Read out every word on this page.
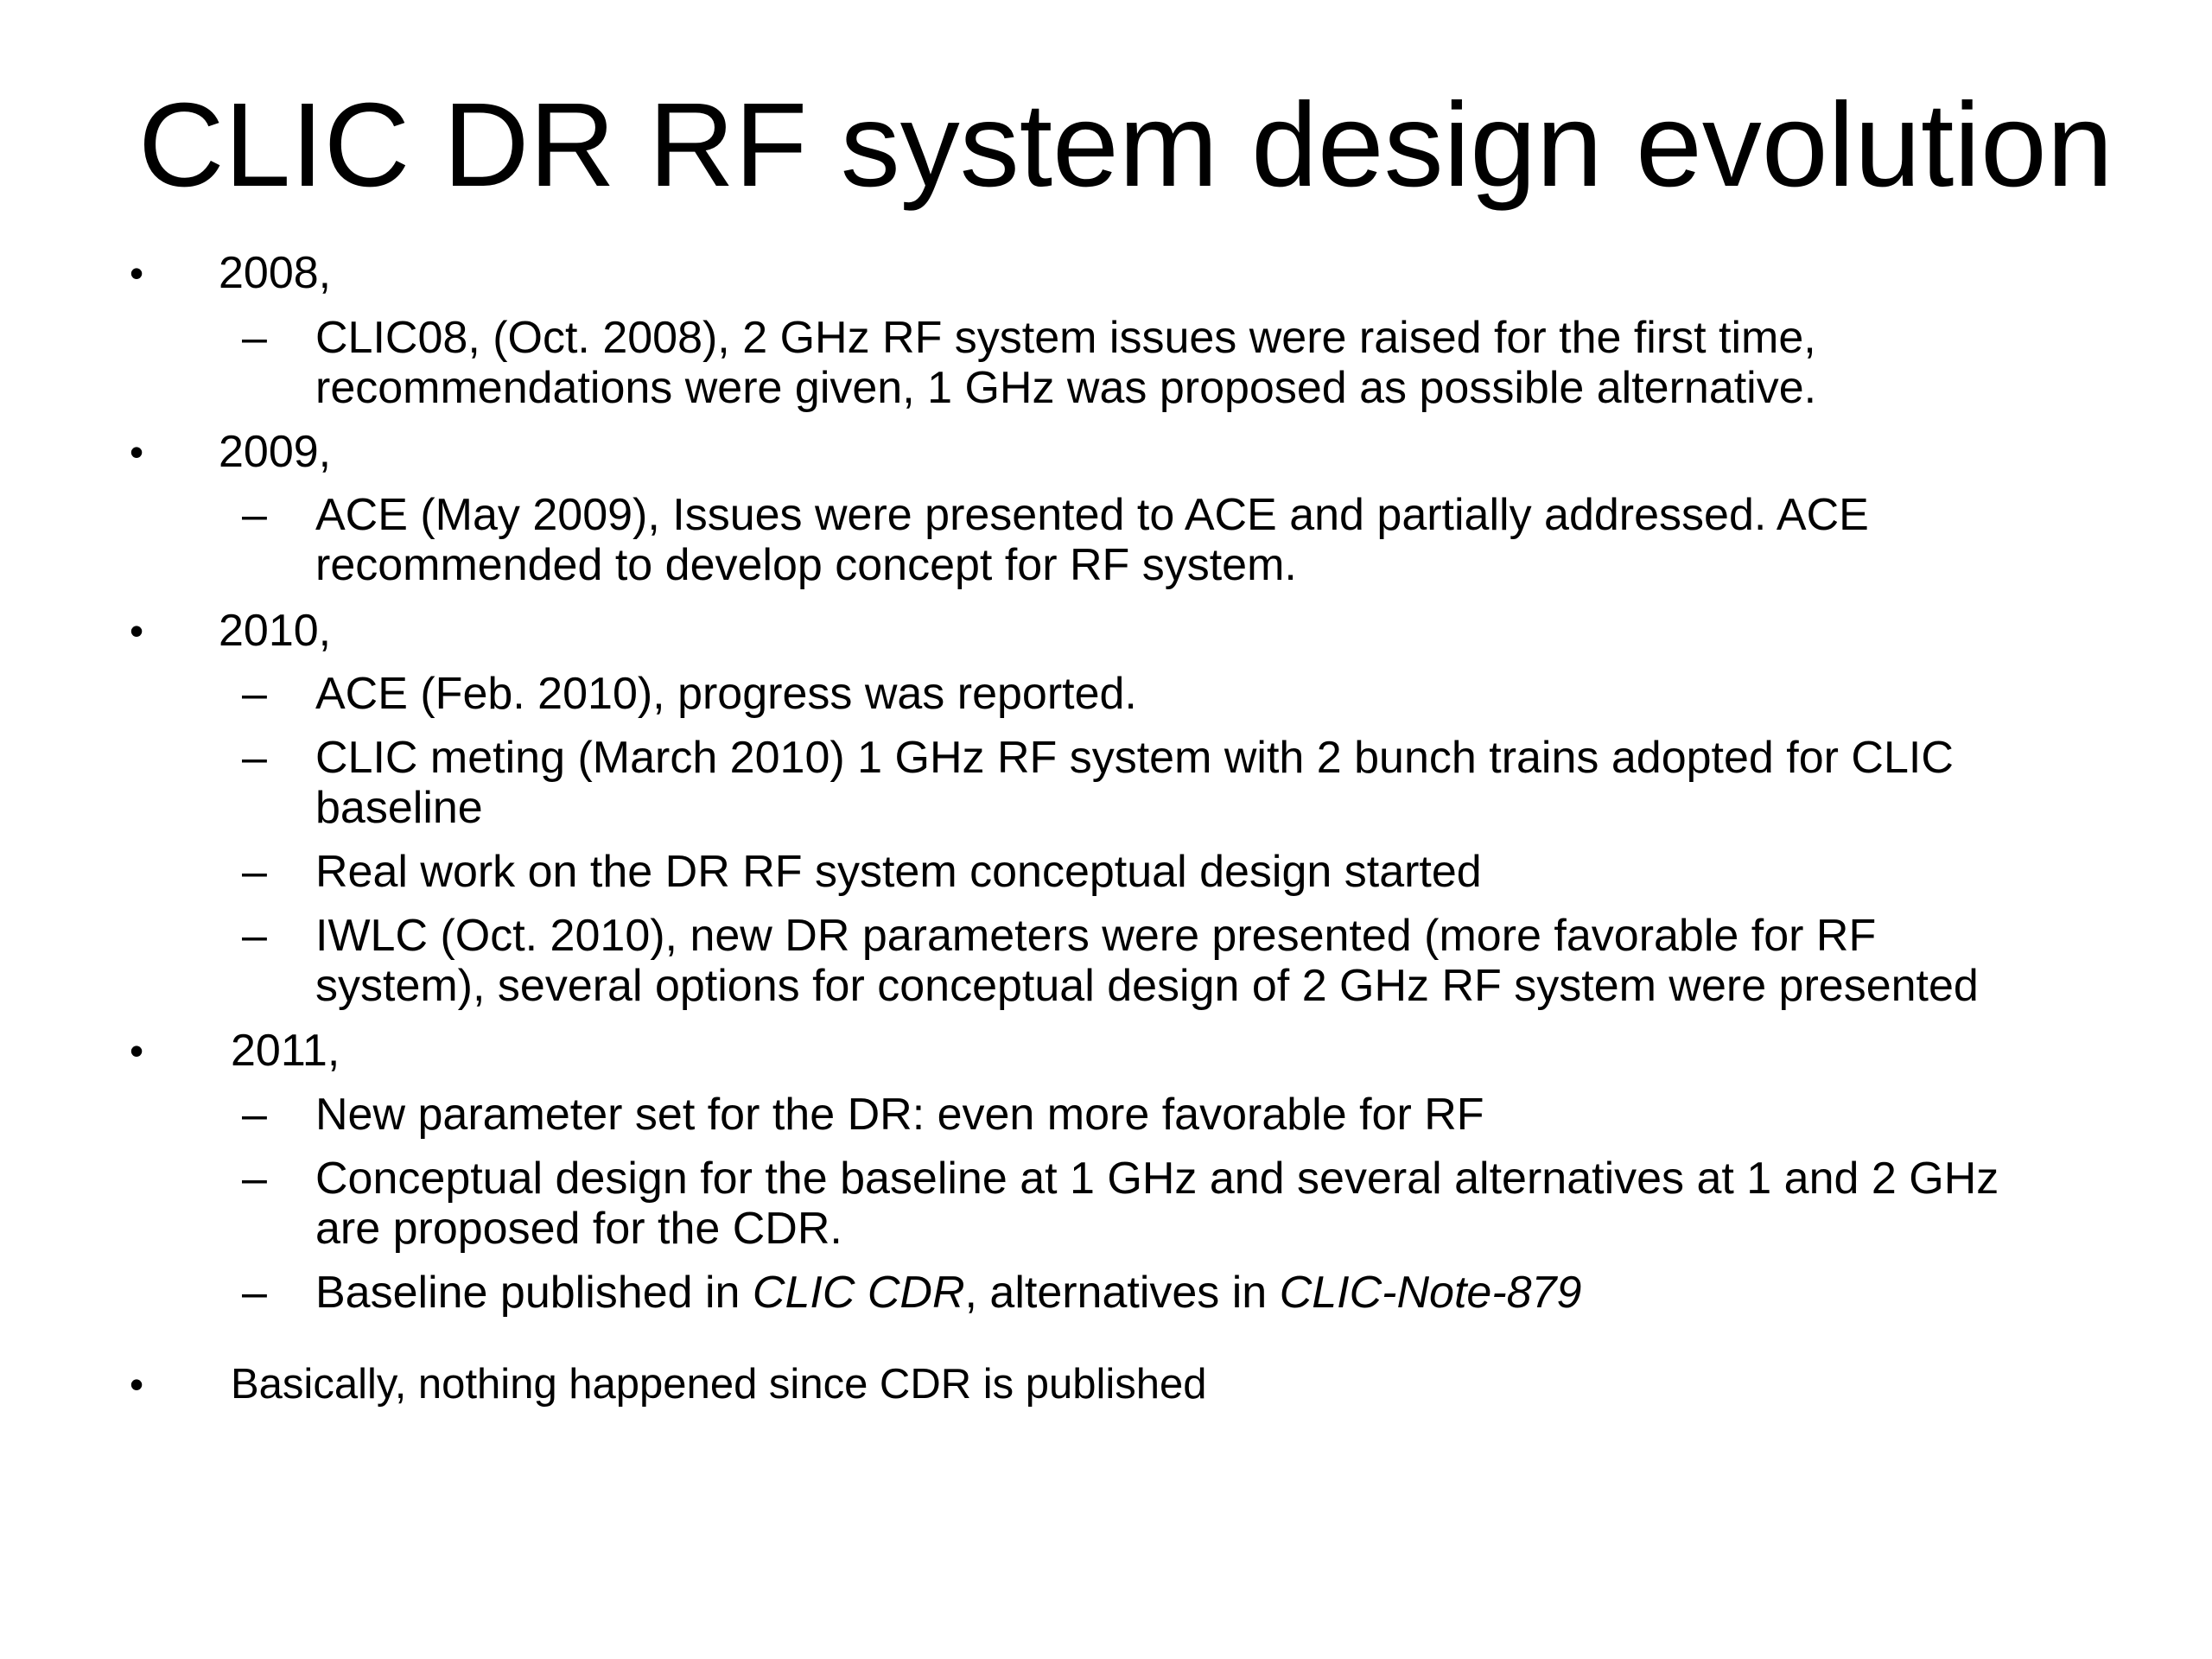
CLIC DR RF system design evolution
• 2008,
–	CLIC08, (Oct. 2008), 2 GHz RF system issues were raised for the first time,
recommendations were given, 1 GHz was proposed as possible alternative.
• 2009,
–	ACE (May 2009), Issues were presented to ACE and partially addressed. ACE
recommended to develop concept for RF system.
• 2010,
–	ACE (Feb. 2010), progress was reported.
–	CLIC meting (March 2010) 1 GHz RF system with 2 bunch trains adopted for CLIC
baseline
–	Real work on the DR RF system conceptual design started
–	IWLC (Oct. 2010), new DR parameters were presented (more favorable for RF
system), several options for conceptual design of 2 GHz RF system were presented
• 2011,
–	New parameter set for the DR: even more favorable for RF
–	Conceptual design for the baseline at 1 GHz and several alternatives at 1 and 2 GHz
are proposed for the CDR.
–	Baseline published in CLIC CDR, alternatives in CLIC-Note-879
• Basically, nothing happened since CDR is published
